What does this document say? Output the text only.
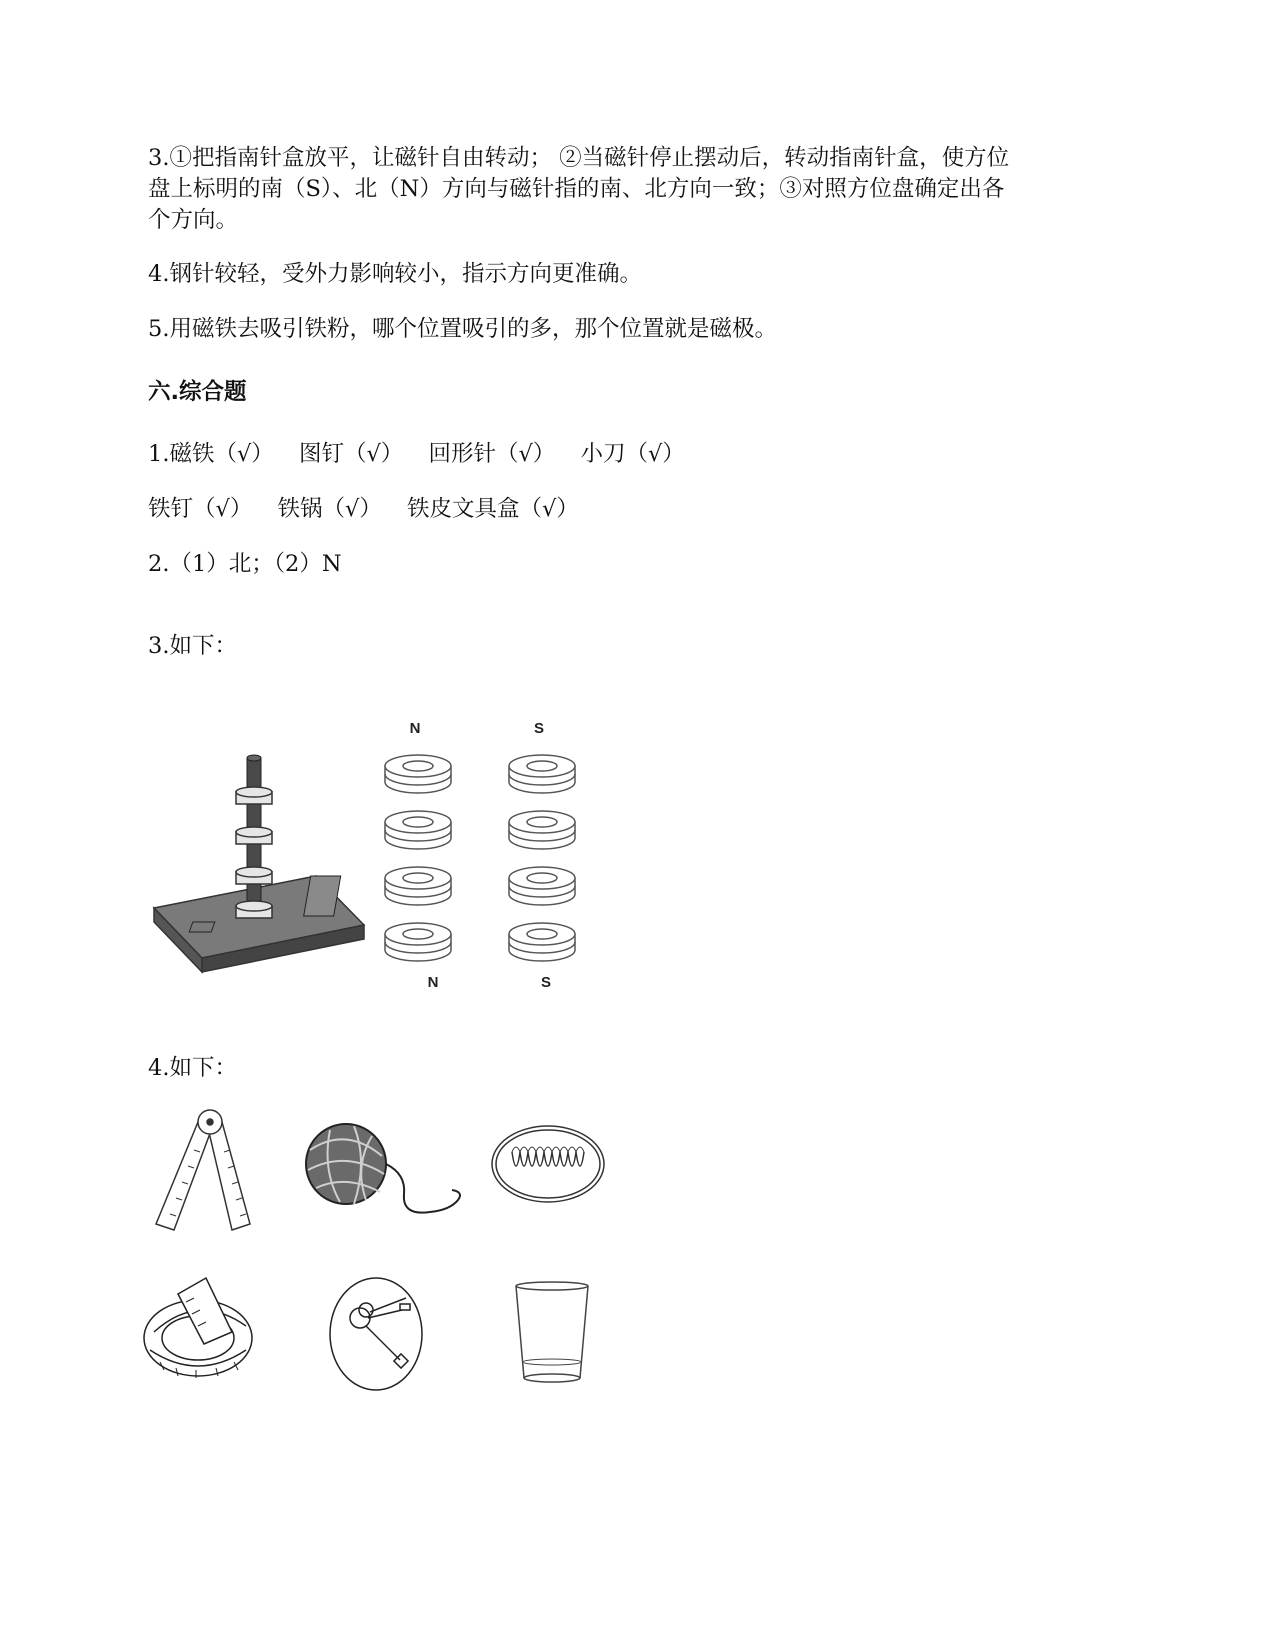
3.①把指南针盒放平，让磁针自由转动； ②当磁针停止摆动后，转动指南针盒，使方位
盘上标明的南（S）、北（N）方向与磁针指的南、北方向一致；③对照方位盘确定出各
个方向。
4.钢针较轻，受外力影响较小，指示方向更准确。
5.用磁铁去吸引铁粉，哪个位置吸引的多，那个位置就是磁极。
六.综合题
1.磁铁（√） 图钉（√） 回形针（√） 小刀（√）
铁钉（√） 铁锅（√） 铁皮文具盒（√）
2.（1）北；（2）N
3.如下：
N	S
N	S
4.如下：
